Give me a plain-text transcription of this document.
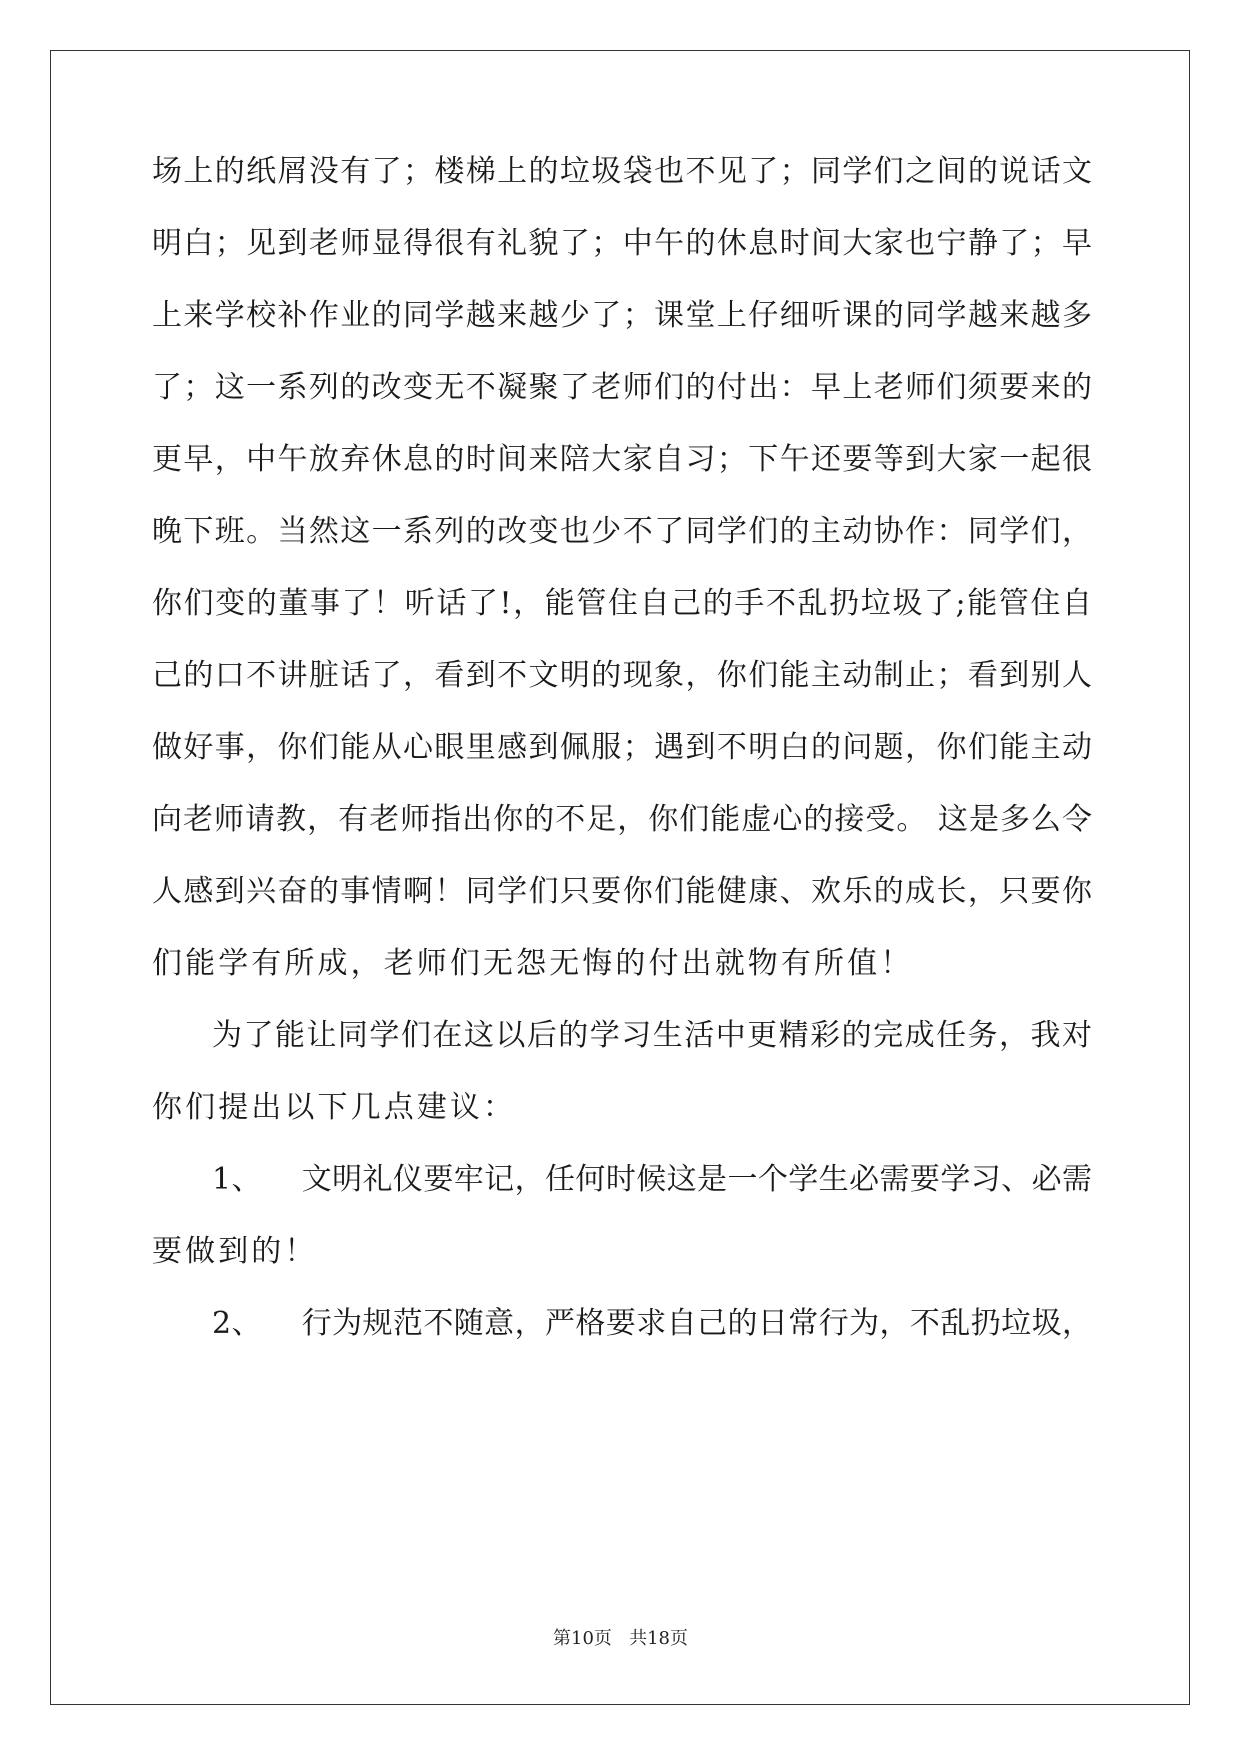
场上的纸屑没有了；楼梯上的垃圾袋也不见了；同学们之间的说话文
明白；见到老师显得很有礼貌了；中午的休息时间大家也宁静了；早
上来学校补作业的同学越来越少了；课堂上仔细听课的同学越来越多
了；这一系列的改变无不凝聚了老师们的付出：早上老师们须要来的
更早，中午放弃休息的时间来陪大家自习；下午还要等到大家一起很
晚下班。当然这一系列的改变也少不了同学们的主动协作：同学们，
你们变的董事了！听话了!，能管住自己的手不乱扔垃圾了;能管住自
己的口不讲脏话了，看到不文明的现象，你们能主动制止；看到别人
做好事，你们能从心眼里感到佩服；遇到不明白的问题，你们能主动
向老师请教，有老师指出你的不足，你们能虚心的接受。 这是多么令
人感到兴奋的事情啊！同学们只要你们能健康、欢乐的成长，只要你
们能学有所成，老师们无怨无悔的付出就物有所值！
为了能让同学们在这以后的学习生活中更精彩的完成任务，我对
你们提出以下几点建议：
1、    文明礼仪要牢记，任何时候这是一个学生必需要学习、必需
要做到的！
2、    行为规范不随意，严格要求自己的日常行为，不乱扔垃圾，
第10页 共18页
